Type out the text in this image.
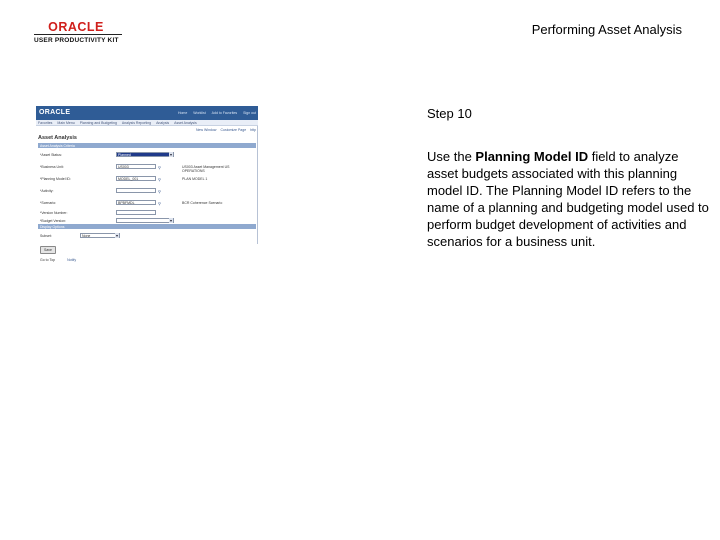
ORACLE
USER PRODUCTIVITY KIT
Performing Asset Analysis
ORACLE	Home Worklist Add to Favorites Sign out
Favorites Main Menu Planning and Budgeting Analysis Reporting Analysis Asset Analysis
New Window Customize Page http
Asset Analysis
Asset Analysis Criteria
*Asset Status:	Planned ▾
*Business Unit:	US003	⚲	US003 Asset Management US
OPERATIONS
*Planning Model ID:	MODEL_001	⚲	PLAN MODEL 1
*Activity:	⚲
*Scenario:	BPBFMDL	⚲	BCR Coherence Scenario
*Version Number:
*Budget Version:
▾
Display Options
Subset:	None ▾
Save
Go to Top	Notify
Step 10
Use the Planning Model ID field to analyze asset budgets associated with this planning model ID. The Planning Model ID refers to the name of a planning and budgeting model used to perform budget development of activities and scenarios for a business unit.
